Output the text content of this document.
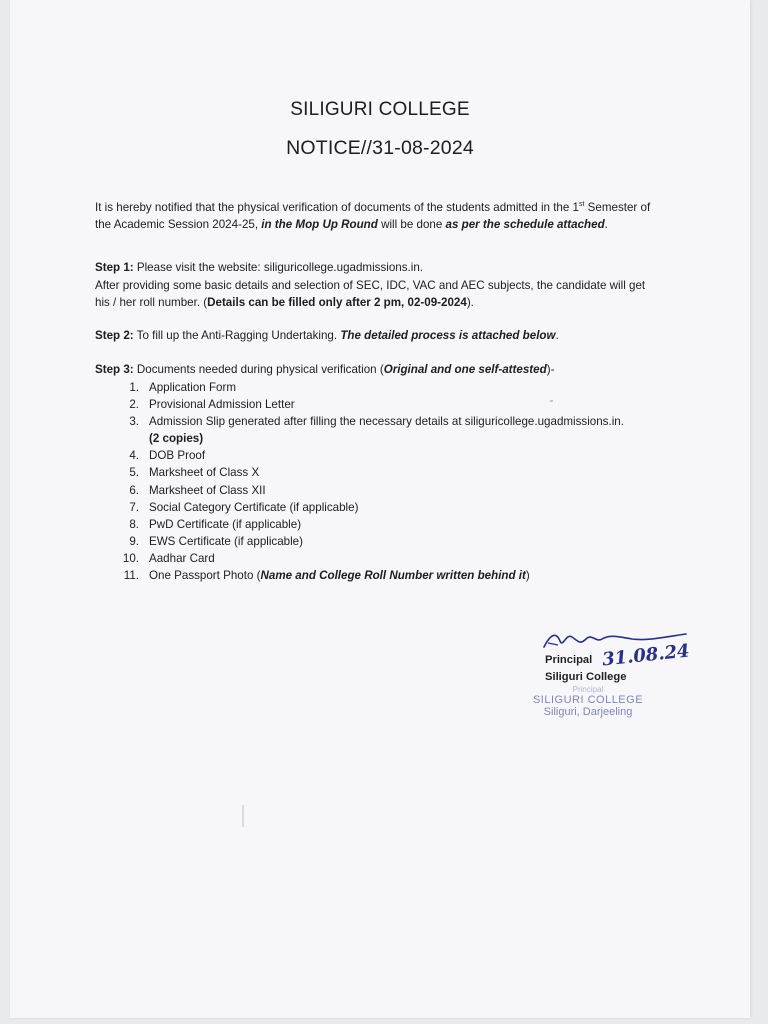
SILIGURI COLLEGE
NOTICE//31-08-2024

It is hereby notified that the physical verification of documents of the students admitted in the 1st Semester of the Academic Session 2024-25, in the Mop Up Round will be done as per the schedule attached.

Step 1: Please visit the website: siliguricollege.ugadmissions.in.
After providing some basic details and selection of SEC, IDC, VAC and AEC subjects, the candidate will get his / her roll number. (Details can be filled only after 2 pm, 02-09-2024).

Step 2: To fill up the Anti-Ragging Undertaking. The detailed process is attached below.

Step 3: Documents needed during physical verification (Original and one self-attested)-

1. Application Form
2. Provisional Admission Letter
3. Admission Slip generated after filling the necessary details at siliguricollege.ugadmissions.in.
(2 copies)
4. DOB Proof
5. Marksheet of Class X
6. Marksheet of Class XII
7. Social Category Certificate (if applicable)
8. PwD Certificate (if applicable)
9. EWS Certificate (if applicable)
10. Aadhar Card
11. One Passport Photo (Name and College Roll Number written behind it)
31.08.24
Principal
Siliguri College
Principal
SILIGURI COLLEGE
Siliguri, Darjeeling
